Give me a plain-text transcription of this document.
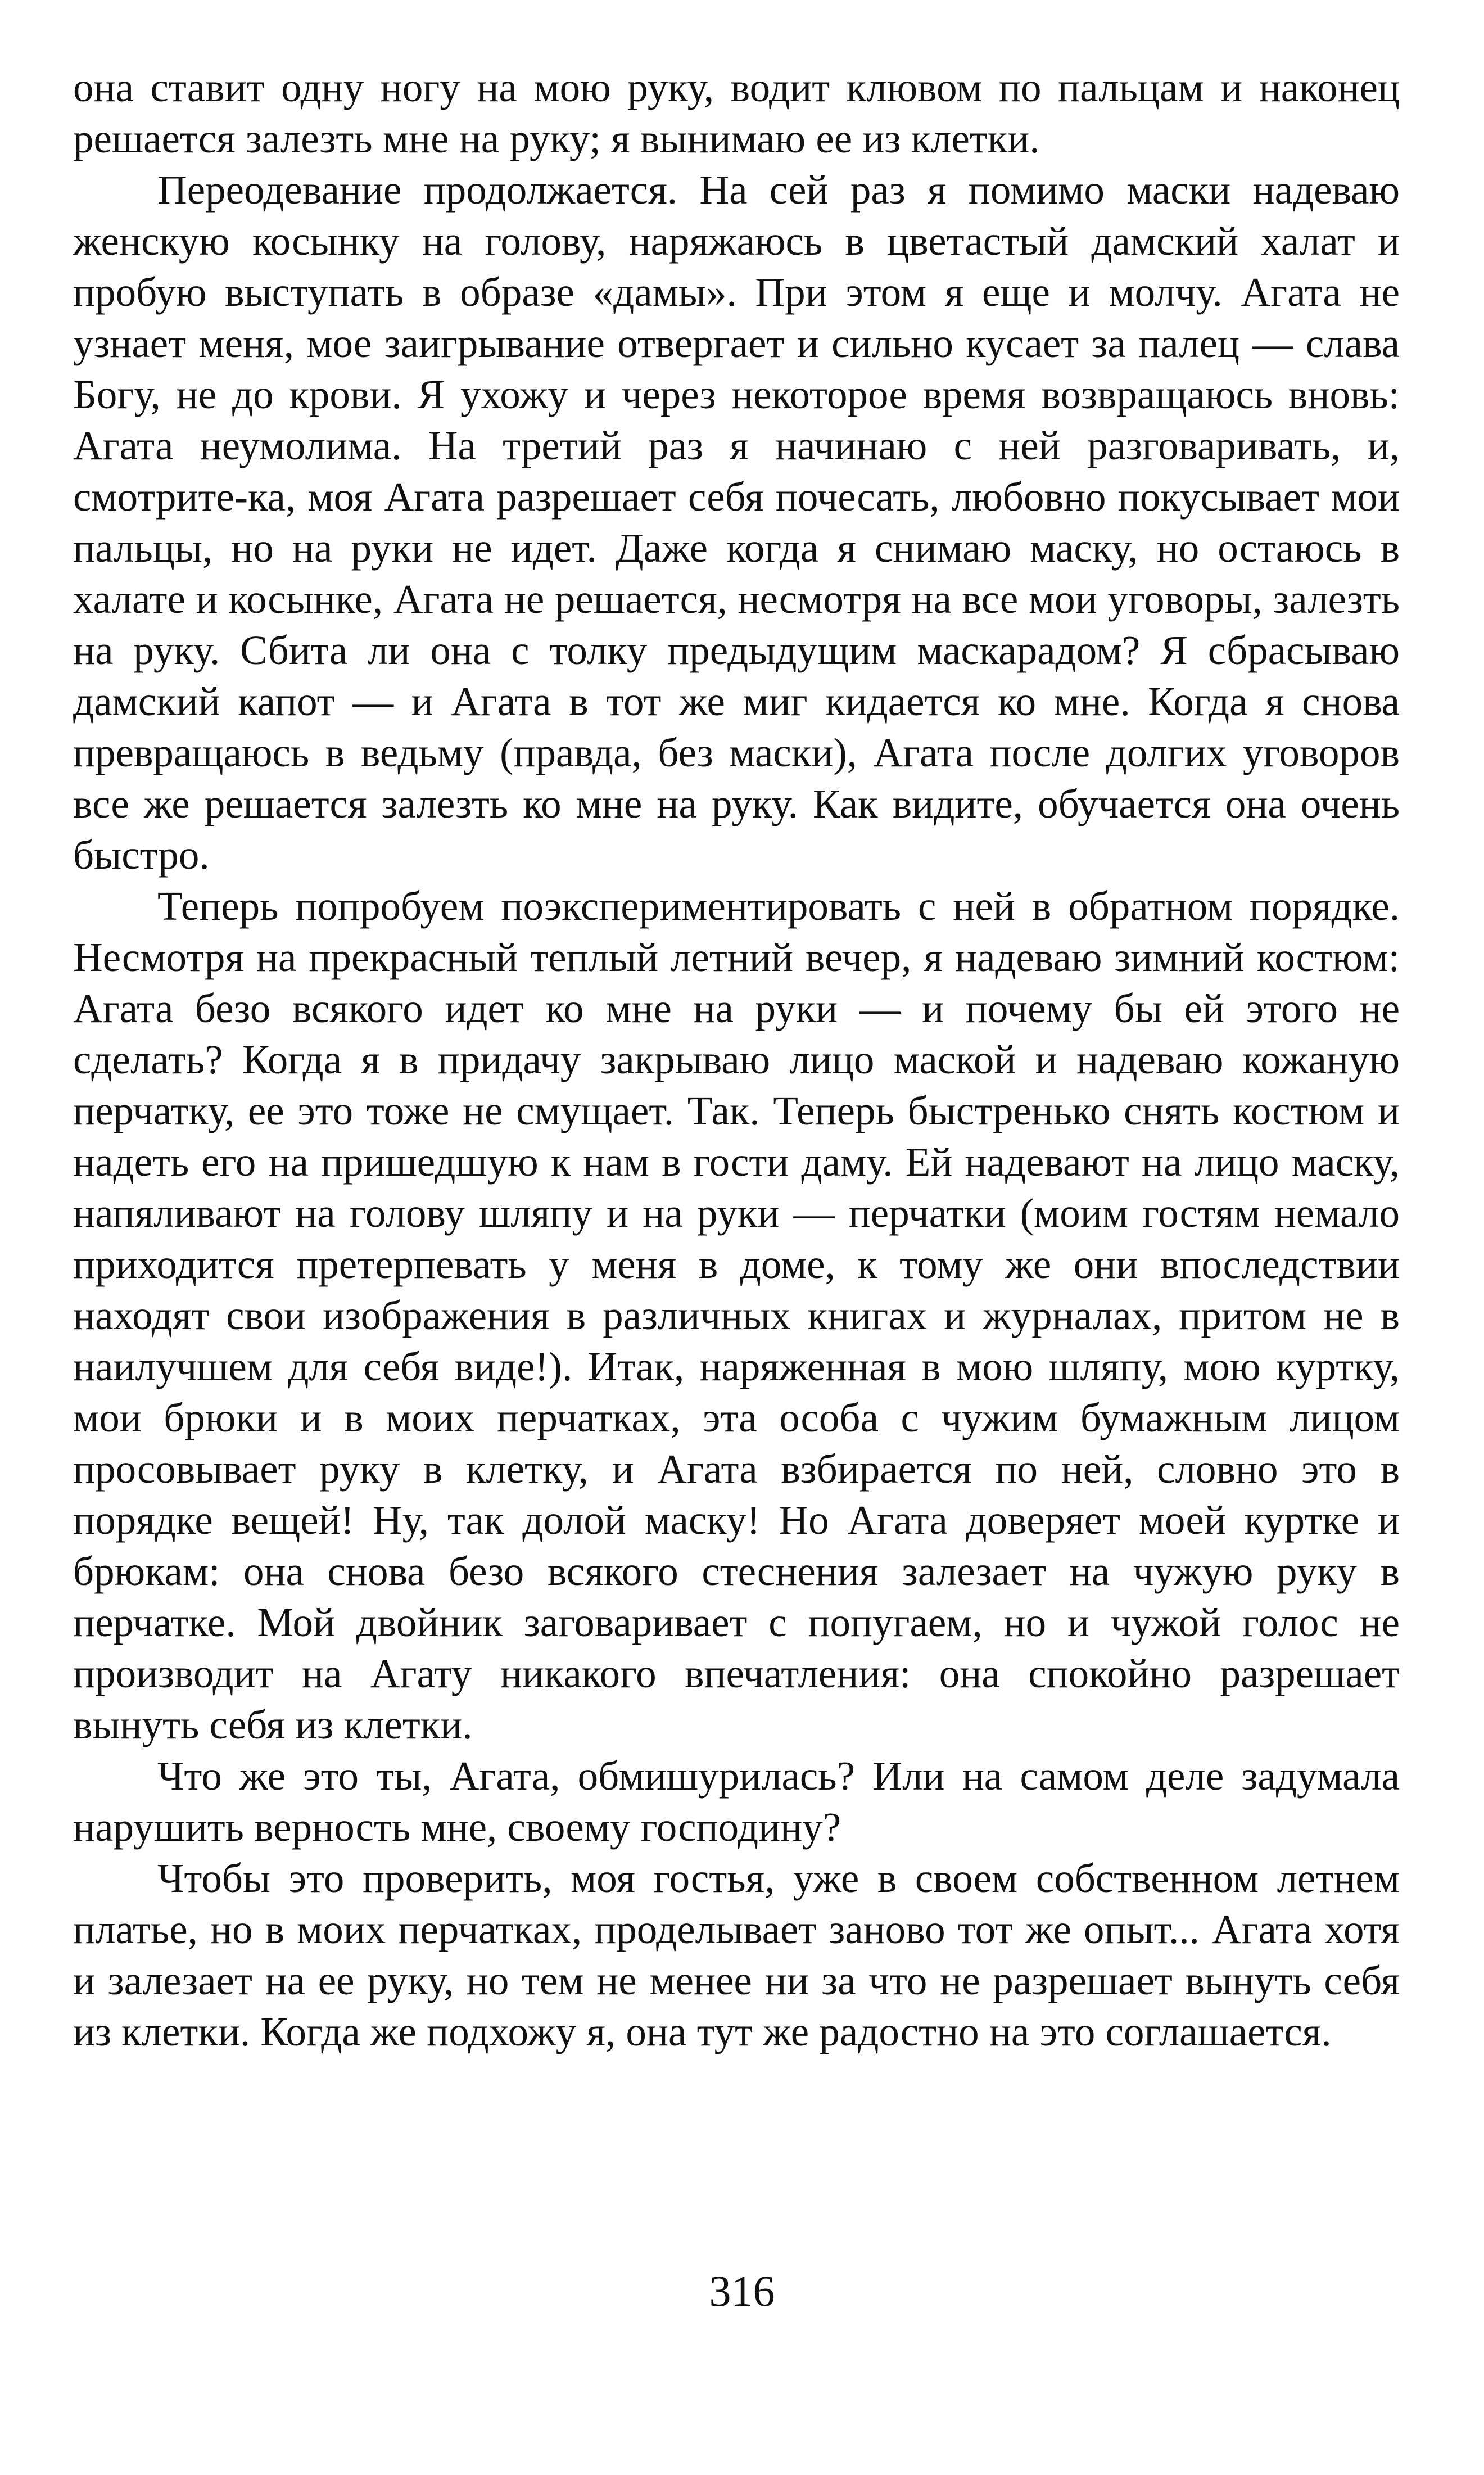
она ставит одну ногу на мою руку, водит клювом по пальцам и наконец решается залезть мне на руку; я вынимаю ее из клетки.

Переодевание продолжается. На сей раз я помимо маски надеваю женскую косынку на голову, наряжаюсь в цветастый дамский халат и пробую выступать в образе «дамы». При этом я еще и молчу. Агата не узнает меня, мое заигрывание отвергает и сильно кусает за палец — слава Богу, не до крови. Я ухожу и через некоторое время возвращаюсь вновь: Агата неумолима. На третий раз я начинаю с ней разговаривать, и, смотрите-ка, моя Агата разрешает себя почесать, любовно покусывает мои пальцы, но на руки не идет. Даже когда я снимаю маску, но остаюсь в халате и косынке, Агата не решается, несмотря на все мои уговоры, залезть на руку. Сбита ли она с толку предыдущим маскарадом? Я сбрасываю дамский капот — и Агата в тот же миг кидается ко мне. Когда я снова превращаюсь в ведьму (правда, без маски), Агата после долгих уговоров все же решается залезть ко мне на руку. Как видите, обучается она очень быстро.

Теперь попробуем поэкспериментировать с ней в обратном порядке. Несмотря на прекрасный теплый летний вечер, я надеваю зимний костюм: Агата безо всякого идет ко мне на руки — и почему бы ей этого не сделать? Когда я в придачу закрываю лицо маской и надеваю кожаную перчатку, ее это тоже не смущает. Так. Теперь быстренько снять костюм и надеть его на пришедшую к нам в гости даму. Ей надевают на лицо маску, напяливают на голову шляпу и на руки — перчатки (моим гостям немало приходится претерпевать у меня в доме, к тому же они впоследствии находят свои изображения в различных книгах и журналах, притом не в наилучшем для себя виде!). Итак, наряженная в мою шляпу, мою куртку, мои брюки и в моих перчатках, эта особа с чужим бумажным лицом просовывает руку в клетку, и Агата взбирается по ней, словно это в порядке вещей! Ну, так долой маску! Но Агата доверяет моей куртке и брюкам: она снова безо всякого стеснения залезает на чужую руку в перчатке. Мой двойник заговаривает с попугаем, но и чужой голос не производит на Агату никакого впечатления: она спокойно разрешает вынуть себя из клетки.

Что же это ты, Агата, обмишурилась? Или на самом деле задумала нарушить верность мне, своему господину?

Чтобы это проверить, моя гостья, уже в своем собственном летнем платье, но в моих перчатках, проделывает заново тот же опыт... Агата хотя и залезает на ее руку, но тем не менее ни за что не разрешает вынуть себя из клетки. Когда же подхожу я, она тут же радостно на это соглашается.

316
